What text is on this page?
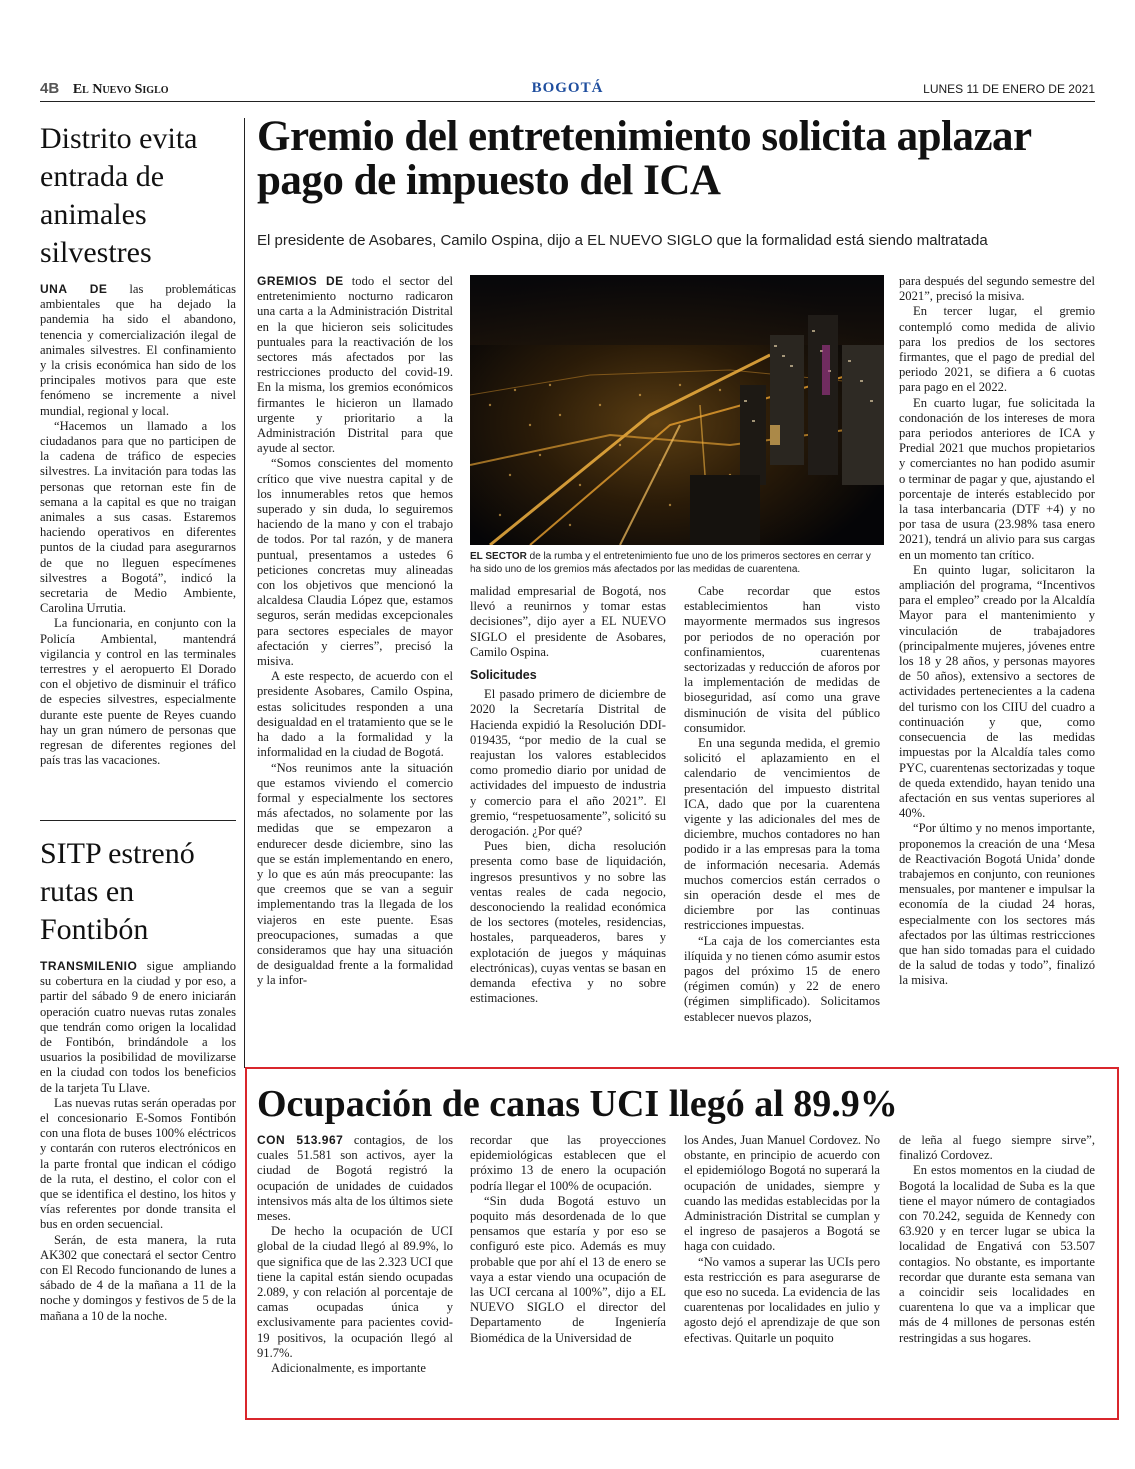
4B El Nuevo Siglo	BOGOTÁ	LUNES 11 DE ENERO DE 2021
Distrito evita entrada de animales silvestres

UNA DE las problemáticas ambientales que ha dejado la pandemia ha sido el abandono, tenencia y comercialización ilegal de animales silvestres. El confinamiento y la crisis económica han sido de los principales motivos para que este fenómeno se incremente a nivel mundial, regional y local.

“Hacemos un llamado a los ciudadanos para que no participen de la cadena de tráfico de especies silvestres. La invitación para todas las personas que retornan este fin de semana a la capital es que no traigan animales a sus casas. Estaremos haciendo operativos en diferentes puntos de la ciudad para asegurarnos de que no lleguen especímenes silvestres a Bogotá”, indicó la secretaria de Medio Ambiente, Carolina Urrutia.

La funcionaria, en conjunto con la Policía Ambiental, mantendrá vigilancia y control en las terminales terrestres y el aeropuerto El Dorado con el objetivo de disminuir el tráfico de especies silvestres, especialmente durante este puente de Reyes cuando hay un gran número de personas que regresan de diferentes regiones del país tras las vacaciones.

SITP estrenó rutas en Fontibón

TRANSMILENIO sigue ampliando su cobertura en la ciudad y por eso, a partir del sábado 9 de enero iniciarán operación cuatro nuevas rutas zonales que tendrán como origen la localidad de Fontibón, brindándole a los usuarios la posibilidad de movilizarse en la ciudad con todos los beneficios de la tarjeta Tu Llave.

Las nuevas rutas serán operadas por el concesionario E-Somos Fontibón con una flota de buses 100% eléctricos y contarán con ruteros electrónicos en la parte frontal que indican el código de la ruta, el destino, el color con el que se identifica el destino, los hitos y vías referentes por donde transita el bus en orden secuencial.

Serán, de esta manera, la ruta AK302 que conectará el sector Centro con El Recodo funcionando de lunes a sábado de 4 de la mañana a 11 de la noche y domingos y festivos de 5 de la mañana a 10 de la noche.

Gremio del entretenimiento solicita aplazar pago de impuesto del ICA
El presidente de Asobares, Camilo Ospina, dijo a EL NUEVO SIGLO que la formalidad está siendo maltratada

GREMIOS DE todo el sector del entretenimiento nocturno radicaron una carta a la Administración Distrital en la que hicieron seis solicitudes puntuales para la reactivación de los sectores más afectados por las restricciones producto del covid-19. En la misma, los gremios económicos firmantes le hicieron un llamado urgente y prioritario a la Administración Distrital para que ayude al sector.

“Somos conscientes del momento crítico que vive nuestra capital y de los innumerables retos que hemos superado y sin duda, lo seguiremos haciendo de la mano y con el trabajo de todos. Por tal razón, y de manera puntual, presentamos a ustedes 6 peticiones concretas muy alineadas con los objetivos que mencionó la alcaldesa Claudia López que, estamos seguros, serán medidas excepcionales para sectores especiales de mayor afectación y cierres”, precisó la misiva.

A este respecto, de acuerdo con el presidente Asobares, Camilo Ospina, estas solicitudes responden a una desigualdad en el tratamiento que se le ha dado a la formalidad y la informalidad en la ciudad de Bogotá.

“Nos reunimos ante la situación que estamos viviendo el comercio formal y especialmente los sectores más afectados, no solamente por las medidas que se empezaron a endurecer desde diciembre, sino las que se están implementando en enero, y lo que es aún más preocupante: las que creemos que se van a seguir implementando tras la llegada de los viajeros en este puente. Esas preocupaciones, sumadas a que consideramos que hay una situación de desigualdad frente a la formalidad y la infor-

EL SECTOR de la rumba y el entretenimiento fue uno de los primeros sectores en cerrar y ha sido uno de los gremios más afectados por las medidas de cuarentena.

malidad empresarial de Bogotá, nos llevó a reunirnos y tomar estas decisiones”, dijo ayer a EL NUEVO SIGLO el presidente de Asobares, Camilo Ospina.

Solicitudes

El pasado primero de diciembre de 2020 la Secretaría Distrital de Hacienda expidió la Resolución DDI-019435, “por medio de la cual se reajustan los valores establecidos como promedio diario por unidad de actividades del impuesto de industria y comercio para el año 2021”. El gremio, “respetuosamente”, solicitó su derogación. ¿Por qué?

Pues bien, dicha resolución presenta como base de liquidación, ingresos presuntivos y no sobre las ventas reales de cada negocio, desconociendo la realidad económica de los sectores (moteles, residencias, hostales, parqueaderos, bares y explotación de juegos y máquinas electrónicas), cuyas ventas se basan en demanda efectiva y no sobre estimaciones.

Cabe recordar que estos establecimientos han visto mayormente mermados sus ingresos por periodos de no operación por confinamientos, cuarentenas sectorizadas y reducción de aforos por la implementación de medidas de bioseguridad, así como una grave disminución de visita del público consumidor.

En una segunda medida, el gremio solicitó el aplazamiento en el calendario de vencimientos de presentación del impuesto distrital ICA, dado que por la cuarentena vigente y las adicionales del mes de diciembre, muchos contadores no han podido ir a las empresas para la toma de información necesaria. Además muchos comercios están cerrados o sin operación desde el mes de diciembre por las continuas restricciones impuestas.

“La caja de los comerciantes esta ilíquida y no tienen cómo asumir estos pagos del próximo 15 de enero (régimen común) y 22 de enero (régimen simplificado). Solicitamos establecer nuevos plazos,

para después del segundo semestre del 2021”, precisó la misiva.

En tercer lugar, el gremio contempló como medida de alivio para los predios de los sectores firmantes, que el pago de predial del periodo 2021, se difiera a 6 cuotas para pago en el 2022.

En cuarto lugar, fue solicitada la condonación de los intereses de mora para periodos anteriores de ICA y Predial 2021 que muchos propietarios y comerciantes no han podido asumir o terminar de pagar y que, ajustando el porcentaje de interés establecido por la tasa interbancaria (DTF +4) y no por tasa de usura (23.98% tasa enero 2021), tendrá un alivio para sus cargas en un momento tan crítico.

En quinto lugar, solicitaron la ampliación del programa, “Incentivos para el empleo” creado por la Alcaldía Mayor para el mantenimiento y vinculación de trabajadores (principalmente mujeres, jóvenes entre los 18 y 28 años, y personas mayores de 50 años), extensivo a sectores de actividades pertenecientes a la cadena del turismo con los CIIU del cuadro a continuación y que, como consecuencia de las medidas impuestas por la Alcaldía tales como PYC, cuarentenas sectorizadas y toque de queda extendido, hayan tenido una afectación en sus ventas superiores al 40%.

“Por último y no menos importante, proponemos la creación de una ‘Mesa de Reactivación Bogotá Unida’ donde trabajemos en conjunto, con reuniones mensuales, por mantener e impulsar la economía de la ciudad 24 horas, especialmente con los sectores más afectados por las últimas restricciones que han sido tomadas para el cuidado de la salud de todas y todo”, finalizó la misiva.

Ocupación de canas UCI llegó al 89.9%

CON 513.967 contagios, de los cuales 51.581 son activos, ayer la ciudad de Bogotá registró la ocupación de unidades de cuidados intensivos más alta de los últimos siete meses.

De hecho la ocupación de UCI global de la ciudad llegó al 89.9%, lo que significa que de las 2.323 UCI que tiene la capital están siendo ocupadas 2.089, y con relación al porcentaje de camas ocupadas única y exclusivamente para pacientes covid-19 positivos, la ocupación llegó al 91.7%.

Adicionalmente, es importante

recordar que las proyecciones epidemiológicas establecen que el próximo 13 de enero la ocupación podría llegar el 100% de ocupación.

“Sin duda Bogotá estuvo un poquito más desordenada de lo que pensamos que estaría y por eso se configuró este pico. Además es muy probable que por ahí el 13 de enero se vaya a estar viendo una ocupación de las UCI cercana al 100%”, dijo a EL NUEVO SIGLO el director del Departamento de Ingeniería Biomédica de la Universidad de

los Andes, Juan Manuel Cordovez. No obstante, en principio de acuerdo con el epidemiólogo Bogotá no superará la ocupación de unidades, siempre y cuando las medidas establecidas por la Administración Distrital se cumplan y el ingreso de pasajeros a Bogotá se haga con cuidado.

“No vamos a superar las UCIs pero esta restricción es para asegurarse de que eso no suceda. La evidencia de las cuarentenas por localidades en julio y agosto dejó el aprendizaje de que son efectivas. Quitarle un poquito

de leña al fuego siempre sirve”, finalizó Cordovez.

En estos momentos en la ciudad de Bogotá la localidad de Suba es la que tiene el mayor número de contagiados con 70.242, seguida de Kennedy con 63.920 y en tercer lugar se ubica la localidad de Engativá con 53.507 contagios. No obstante, es importante recordar que durante esta semana van a coincidir seis localidades en cuarentena lo que va a implicar que más de 4 millones de personas estén restringidas a sus hogares.
